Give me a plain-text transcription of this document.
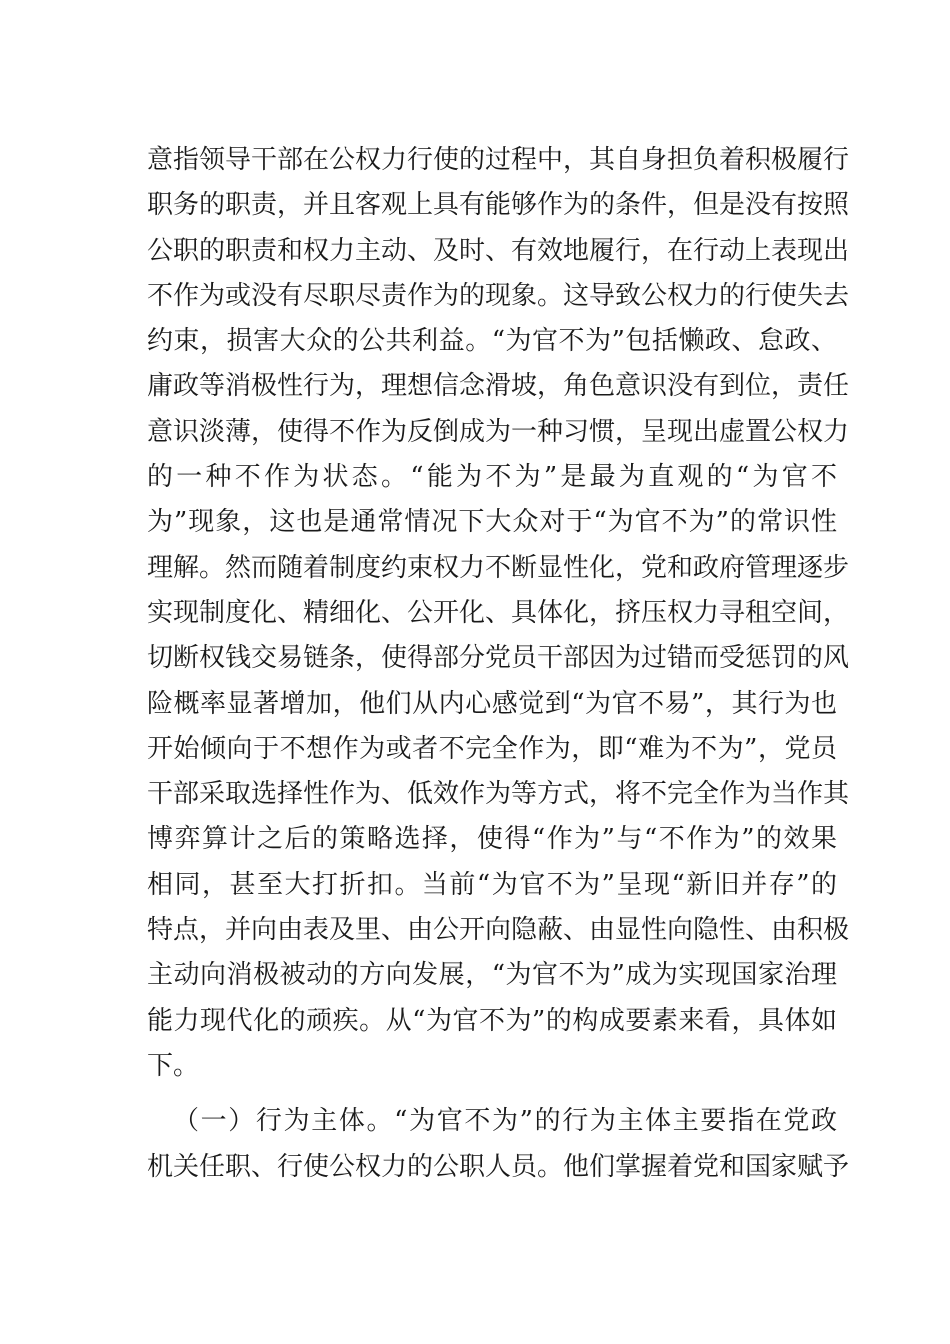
意指领导干部在公权力行使的过程中，其自身担负着积极履行
职务的职责，并且客观上具有能够作为的条件，但是没有按照
公职的职责和权力主动、及时、有效地履行，在行动上表现出
不作为或没有尽职尽责作为的现象。这导致公权力的行使失去
约束，损害大众的公共利益。“为官不为”包括懒政、怠政、
庸政等消极性行为，理想信念滑坡，角色意识没有到位，责任
意识淡薄，使得不作为反倒成为一种习惯，呈现出虚置公权力
的一种不作为状态。“能为不为”是最为直观的“为官不
为”现象，这也是通常情况下大众对于“为官不为”的常识性
理解。然而随着制度约束权力不断显性化，党和政府管理逐步
实现制度化、精细化、公开化、具体化，挤压权力寻租空间，
切断权钱交易链条，使得部分党员干部因为过错而受惩罚的风
险概率显著增加，他们从内心感觉到“为官不易”，其行为也
开始倾向于不想作为或者不完全作为，即“难为不为”，党员
干部采取选择性作为、低效作为等方式，将不完全作为当作其
博弈算计之后的策略选择，使得“作为”与“不作为”的效果
相同，甚至大打折扣。当前“为官不为”呈现“新旧并存”的
特点，并向由表及里、由公开向隐蔽、由显性向隐性、由积极
主动向消极被动的方向发展，“为官不为”成为实现国家治理
能力现代化的顽疾。从“为官不为”的构成要素来看，具体如
下。
（一）行为主体。“为官不为”的行为主体主要指在党政
机关任职、行使公权力的公职人员。他们掌握着党和国家赋予
